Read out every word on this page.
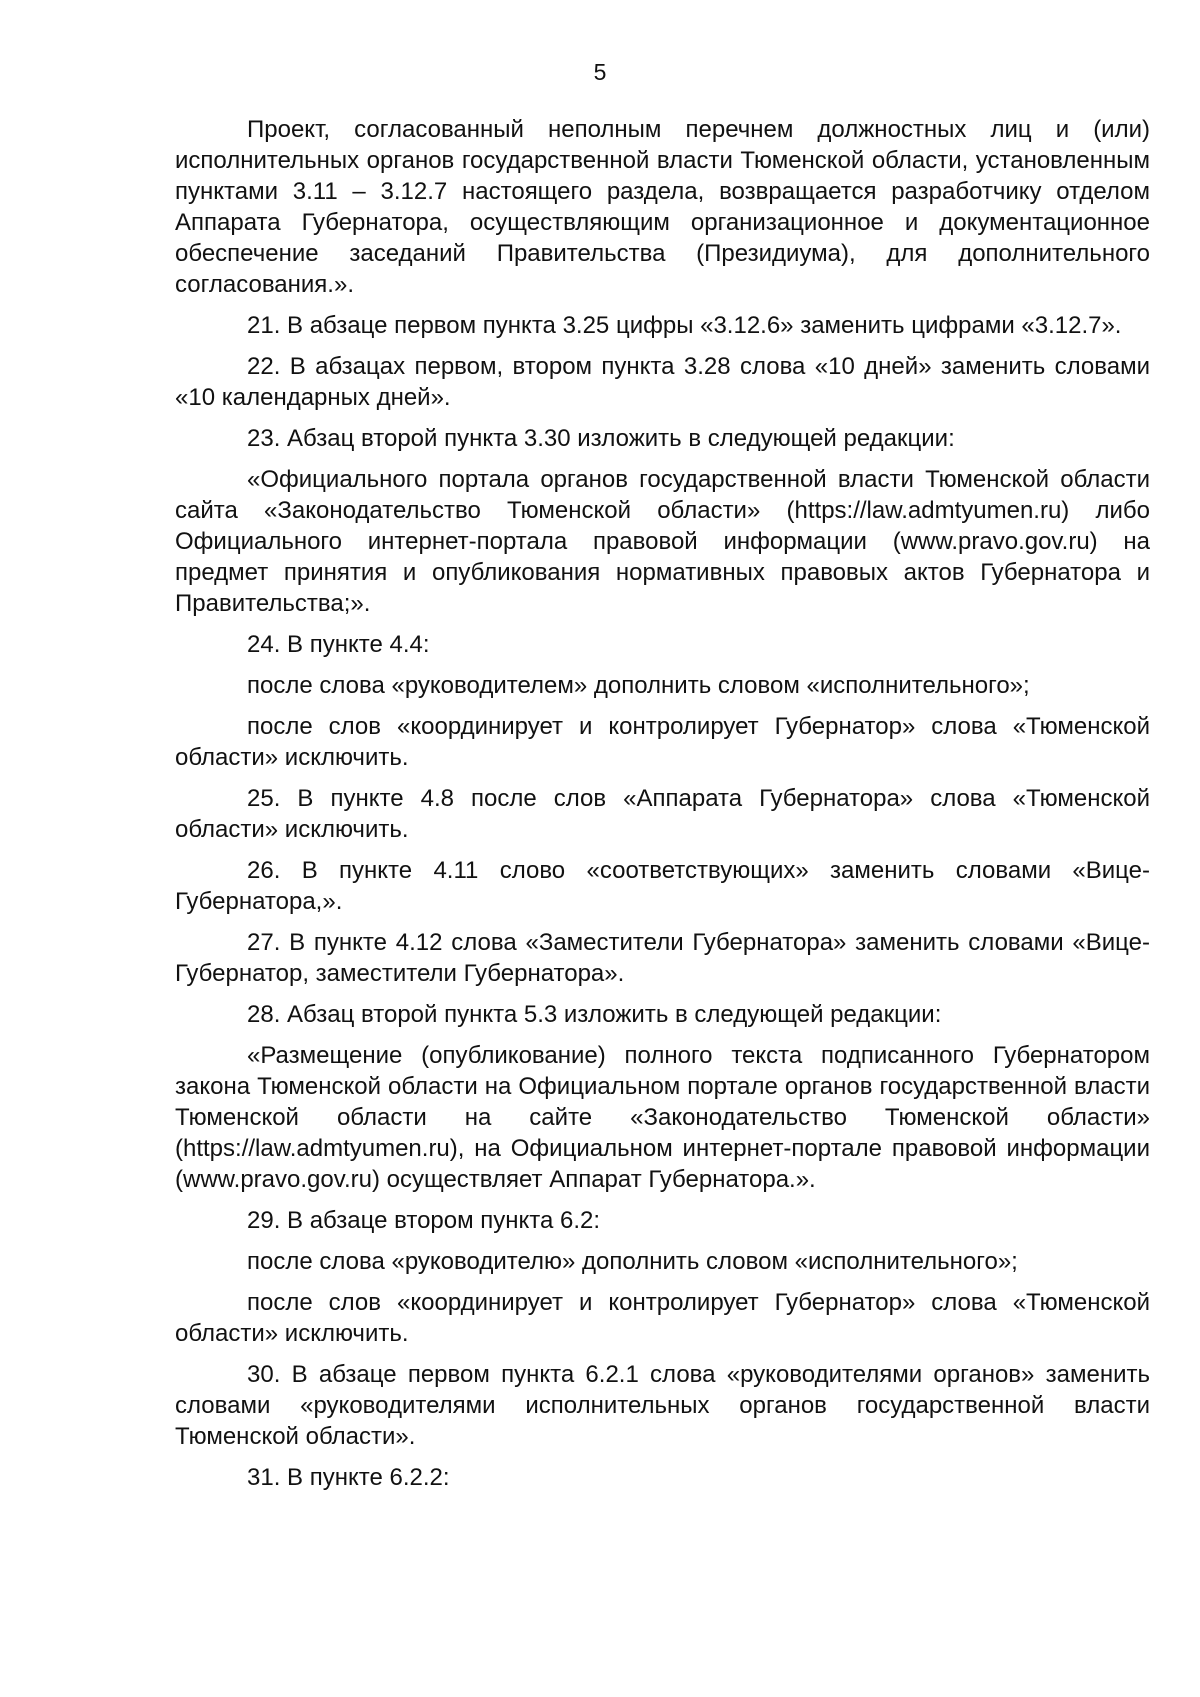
5

Проект, согласованный неполным перечнем должностных лиц и (или) исполнительных органов государственной власти Тюменской области, установленным пунктами 3.11 – 3.12.7 настоящего раздела, возвращается разработчику отделом Аппарата Губернатора, осуществляющим организационное и документационное обеспечение заседаний Правительства (Президиума), для дополнительного согласования.».

21. В абзаце первом пункта 3.25 цифры «3.12.6» заменить цифрами «3.12.7».

22. В абзацах первом, втором пункта 3.28 слова «10 дней» заменить словами «10 календарных дней».

23. Абзац второй пункта 3.30 изложить в следующей редакции:

«Официального портала органов государственной власти Тюменской области сайта «Законодательство Тюменской области» (https://law.admtyumen.ru) либо Официального интернет-портала правовой информации (www.pravo.gov.ru) на предмет принятия и опубликования нормативных правовых актов Губернатора и Правительства;».

24. В пункте 4.4:

после слова «руководителем» дополнить словом «исполнительного»;

после слов «координирует и контролирует Губернатор» слова «Тюменской области» исключить.

25. В пункте 4.8 после слов «Аппарата Губернатора» слова «Тюменской области» исключить.

26. В пункте 4.11 слово «соответствующих» заменить словами «Вице-Губернатора,».

27. В пункте 4.12 слова «Заместители Губернатора» заменить словами «Вице-Губернатор, заместители Губернатора».

28. Абзац второй пункта 5.3 изложить в следующей редакции:

«Размещение (опубликование) полного текста подписанного Губернатором закона Тюменской области на Официальном портале органов государственной власти Тюменской области на сайте «Законодательство Тюменской области» (https://law.admtyumen.ru), на Официальном интернет-портале правовой информации (www.pravo.gov.ru) осуществляет Аппарат Губернатора.».

29. В абзаце втором пункта 6.2:

после слова «руководителю» дополнить словом «исполнительного»;

после слов «координирует и контролирует Губернатор» слова «Тюменской области» исключить.

30. В абзаце первом пункта 6.2.1 слова «руководителями органов» заменить словами «руководителями исполнительных органов государственной власти Тюменской области».

31. В пункте 6.2.2:
